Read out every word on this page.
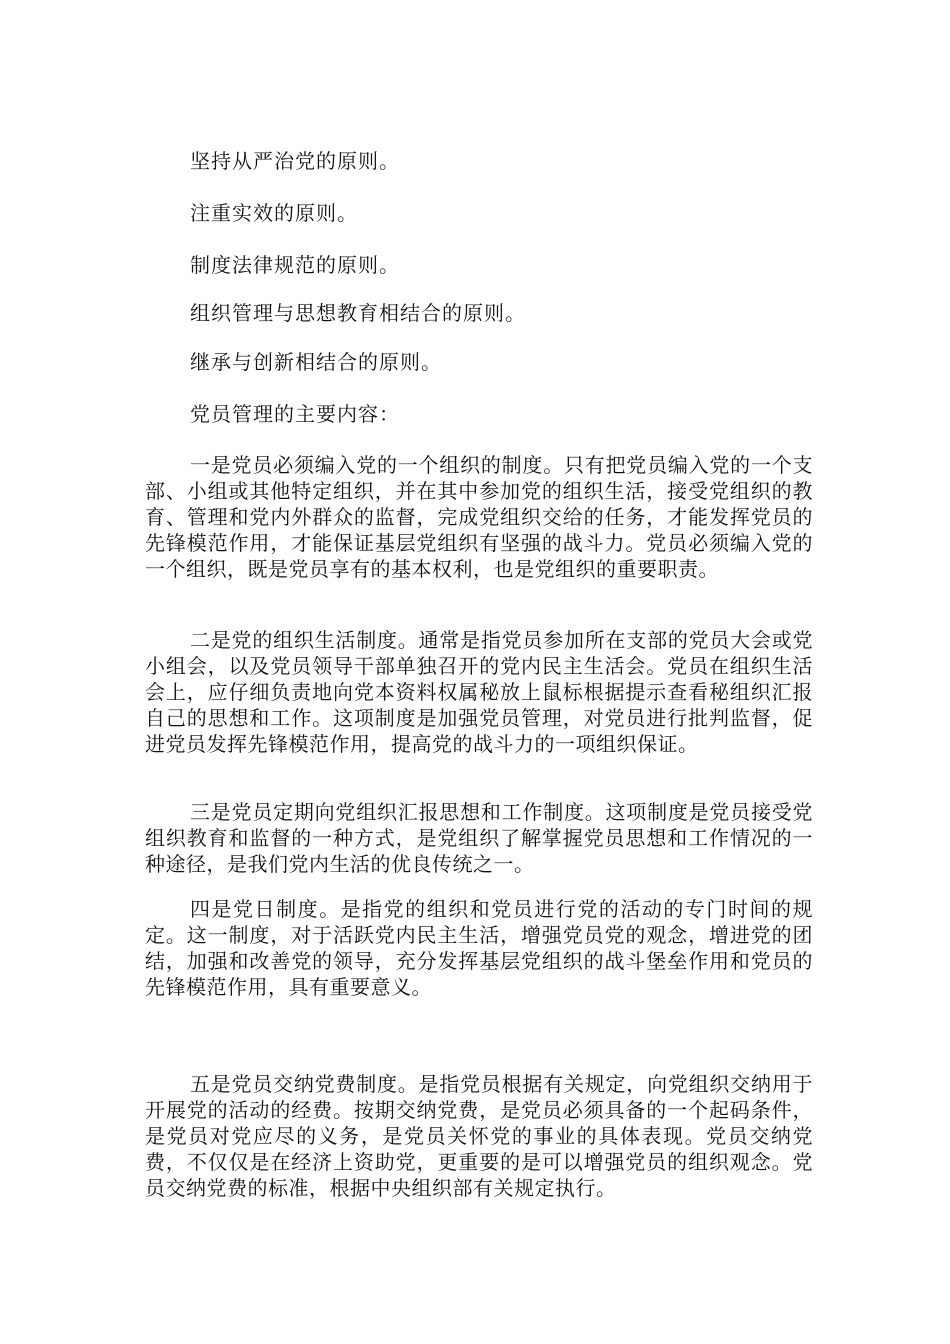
坚持从严治党的原则。

注重实效的原则。

制度法律规范的原则。

组织管理与思想教育相结合的原则。

继承与创新相结合的原则。

党员管理的主要内容：

一是党员必须编入党的一个组织的制度。只有把党员编入党的一个支部、小组或其他特定组织，并在其中参加党的组织生活，接受党组织的教育、管理和党内外群众的监督，完成党组织交给的任务，才能发挥党员的先锋模范作用，才能保证基层党组织有坚强的战斗力。党员必须编入党的一个组织，既是党员享有的基本权利，也是党组织的重要职责。

二是党的组织生活制度。通常是指党员参加所在支部的党员大会或党小组会，以及党员领导干部单独召开的党内民主生活会。党员在组织生活会上，应仔细负责地向党本资料权属秘放上鼠标根据提示查看秘组织汇报自己的思想和工作。这项制度是加强党员管理，对党员进行批判监督，促进党员发挥先锋模范作用，提高党的战斗力的一项组织保证。

三是党员定期向党组织汇报思想和工作制度。这项制度是党员接受党组织教育和监督的一种方式，是党组织了解掌握党员思想和工作情况的一种途径，是我们党内生活的优良传统之一。

四是党日制度。是指党的组织和党员进行党的活动的专门时间的规定。这一制度，对于活跃党内民主生活，增强党员党的观念，增进党的团结，加强和改善党的领导，充分发挥基层党组织的战斗堡垒作用和党员的先锋模范作用，具有重要意义。

五是党员交纳党费制度。是指党员根据有关规定，向党组织交纳用于开展党的活动的经费。按期交纳党费，是党员必须具备的一个起码条件，是党员对党应尽的义务，是党员关怀党的事业的具体表现。党员交纳党费，不仅仅是在经济上资助党，更重要的是可以增强党员的组织观念。党员交纳党费的标准，根据中央组织部有关规定执行。
